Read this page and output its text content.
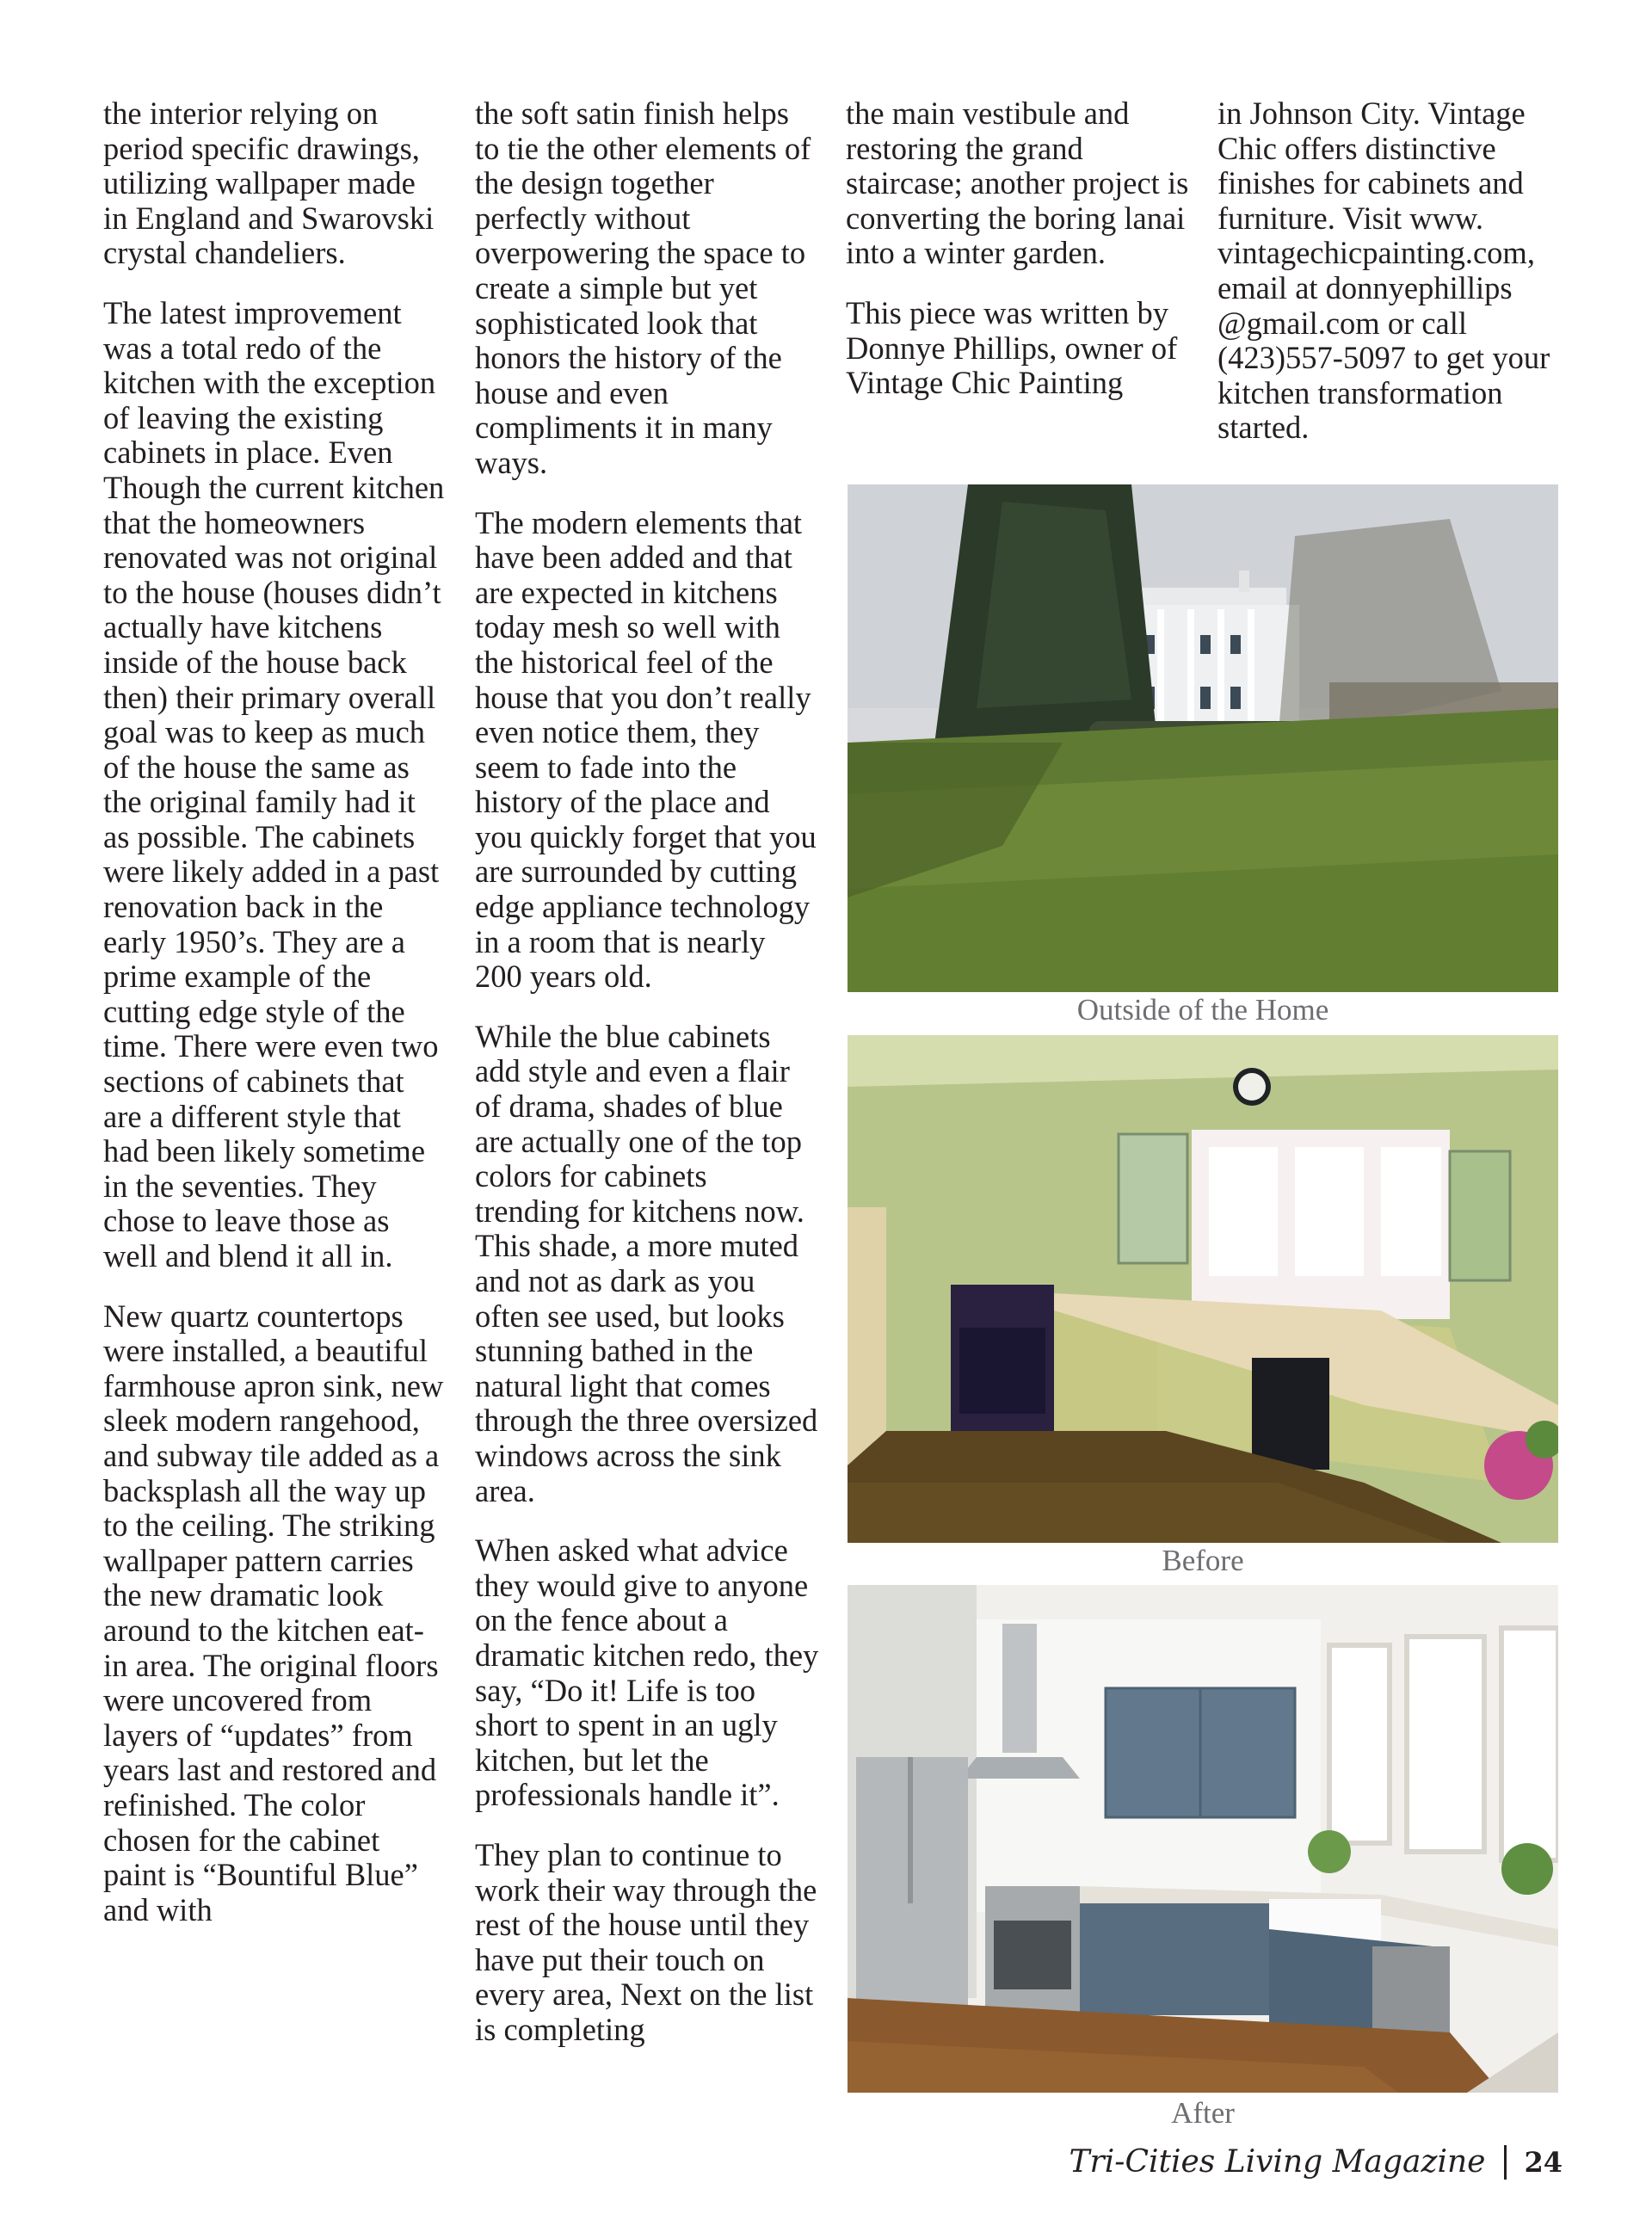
the interior relying on period specific drawings, utilizing wallpaper made in England and Swarovski crystal chandeliers.

The latest improvement was a total redo of the kitchen with the exception of leaving the existing cabinets in place. Even Though the current kitchen that the homeowners renovated was not original to the house (houses didn’t actually have kitchens inside of the house back then) their primary overall goal was to keep as much of the house the same as the original family had it as possible. The cabinets were likely added in a past renovation back in the early 1950’s. They are a prime example of the cutting edge style of the time. There were even two sections of cabinets that are a different style that had been likely sometime in the seventies. They chose to leave those as well and blend it all in.

New quartz countertops were installed, a beautiful farmhouse apron sink, new sleek modern rangehood, and subway tile added as a backsplash all the way up to the ceiling. The striking wallpaper pattern carries the new dramatic look around to the kitchen eat-in area. The original floors were uncovered from layers of “updates” from years last and restored and refinished. The color chosen for the cabinet paint is “Bountiful Blue” and with

the soft satin finish helps to tie the other elements of the design together perfectly without overpowering the space to create a simple but yet sophisticated look that honors the history of the house and even compliments it in many ways.

The modern elements that have been added and that are expected in kitchens today mesh so well with the historical feel of the house that you don’t really even notice them, they seem to fade into the history of the place and you quickly forget that you are surrounded by cutting edge appliance technology in a room that is nearly 200 years old.

While the blue cabinets add style and even a flair of drama, shades of blue are actually one of the top colors for cabinets trending for kitchens now. This shade, a more muted and not as dark as you often see used, but looks stunning bathed in the natural light that comes through the three oversized windows across the sink area.

When asked what advice they would give to anyone on the fence about a dramatic kitchen redo, they say, “Do it! Life is too short to spent in an ugly kitchen, but let the professionals handle it”.

They plan to continue to work their way through the rest of the house until they have put their touch on every area, Next on the list is completing

the main vestibule and restoring the grand staircase; another project is converting the boring lanai into a winter garden.

This piece was written by Donnye Phillips, owner of Vintage Chic Painting

in Johnson City. Vintage Chic offers distinctive finishes for cabinets and furniture. Visit www. vintagechicpainting.com, email at donnyephillips @gmail.com or call (423)557-5097 to get your kitchen transformation started.

Outside of the Home
Before
After
Tri-Cities Living Magazine 24
